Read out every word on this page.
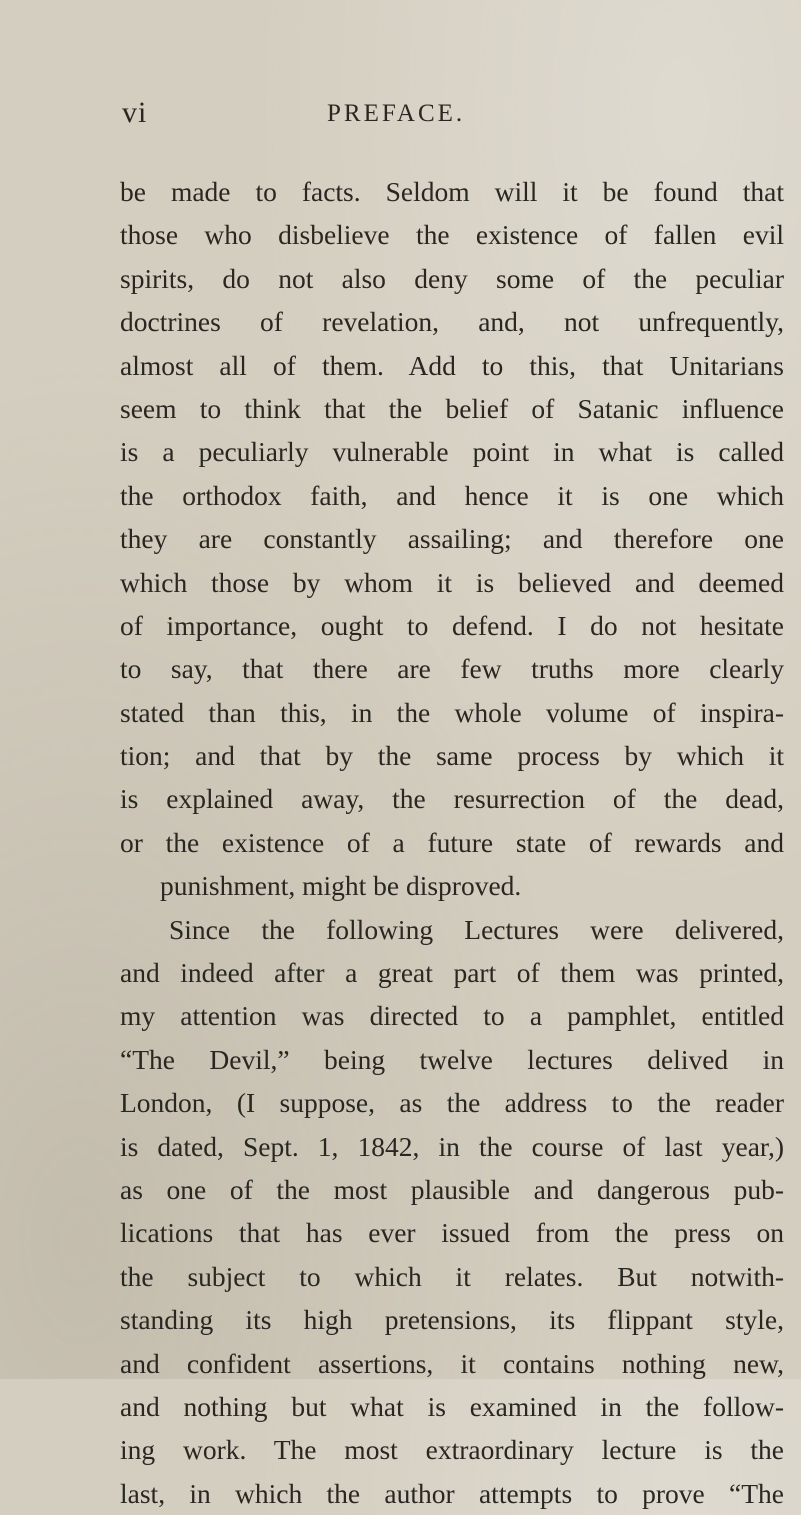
vi	PREFACE.
be made to facts. Seldom will it be found that
those who disbelieve the existence of fallen evil
spirits, do not also deny some of the peculiar
doctrines of revelation, and, not unfrequently,
almost all of them. Add to this, that Unitarians
seem to think that the belief of Satanic influence
is a peculiarly vulnerable point in what is called
the orthodox faith, and hence it is one which
they are constantly assailing; and therefore one
which those by whom it is believed and deemed
of importance, ought to defend. I do not hesitate
to say, that there are few truths more clearly
stated than this, in the whole volume of inspira-
tion; and that by the same process by which it
is explained away, the resurrection of the dead,
or the existence of a future state of rewards and
punishment, might be disproved.
Since the following Lectures were delivered,
and indeed after a great part of them was printed,
my attention was directed to a pamphlet, entitled
“The Devil,” being twelve lectures delived in
London, (I suppose, as the address to the reader
is dated, Sept. 1, 1842, in the course of last year,)
as one of the most plausible and dangerous pub-
lications that has ever issued from the press on
the subject to which it relates. But notwith-
standing its high pretensions, its flippant style,
and confident assertions, it contains nothing new,
and nothing but what is examined in the follow-
ing work. The most extraordinary lecture is the
last, in which the author attempts to prove “The
